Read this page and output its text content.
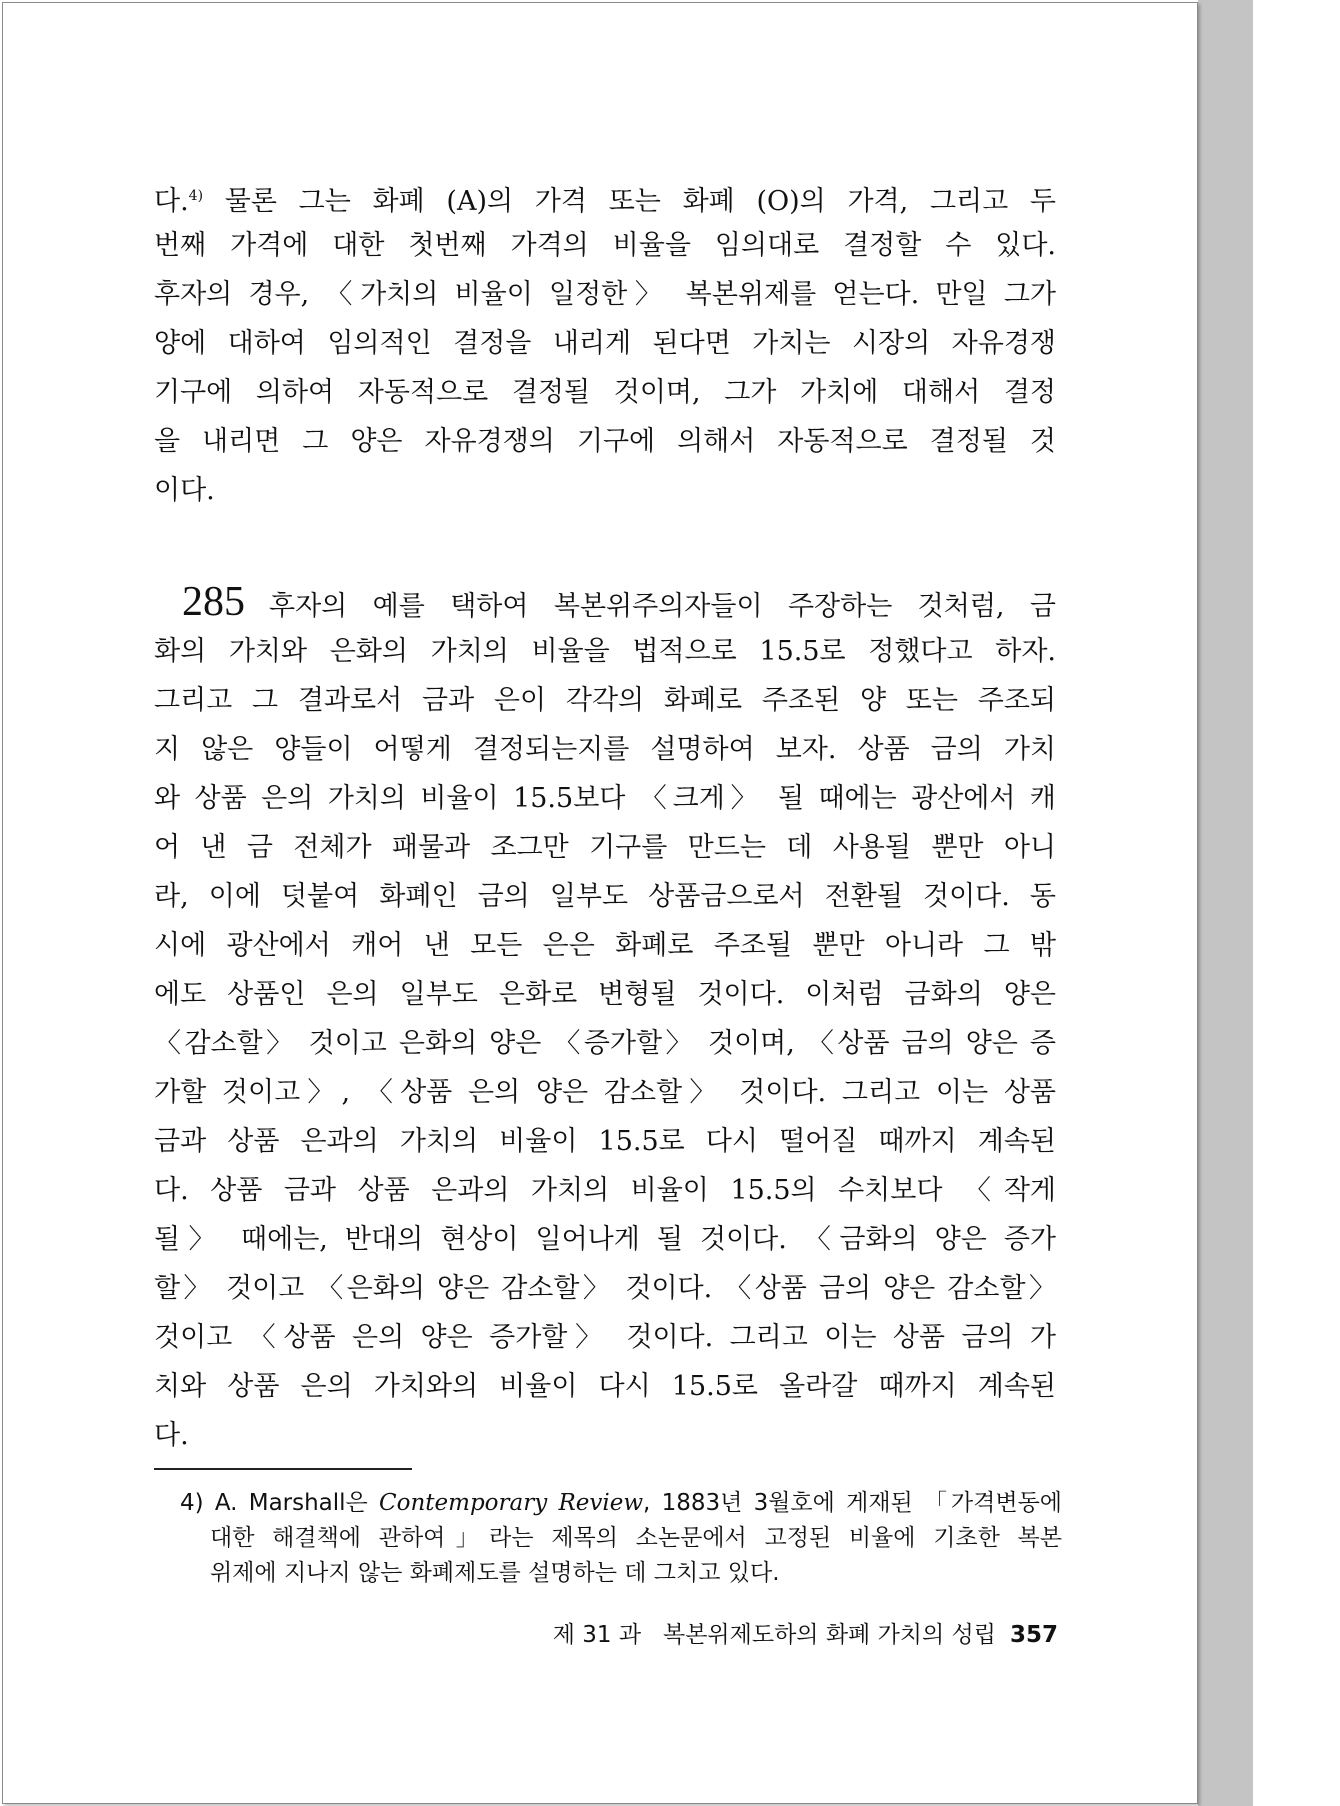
다.$^{4)}$ 물론 그는 화폐 (A)의 가격 또는 화폐 (O)의 가격, 그리고 두
번째 가격에 대한 첫번째 가격의 비율을 임의대로 결정할 수 있다.
후자의 경우, 〈가치의 비율이 일정한〉 복본위제를 얻는다. 만일 그가
양에 대하여 임의적인 결정을 내리게 된다면 가치는 시장의 자유경쟁
기구에 의하여 자동적으로 결정될 것이며, 그가 가치에 대해서 결정
을 내리면 그 양은 자유경쟁의 기구에 의해서 자동적으로 결정될 것
이다.
285 후자의 예를 택하여 복본위주의자들이 주장하는 것처럼, 금
화의 가치와 은화의 가치의 비율을 법적으로 15.5로 정했다고 하자.
그리고 그 결과로서 금과 은이 각각의 화폐로 주조된 양 또는 주조되
지 않은 양들이 어떻게 결정되는지를 설명하여 보자. 상품 금의 가치
와 상품 은의 가치의 비율이 15.5보다 〈크게〉 될 때에는 광산에서 캐
어 낸 금 전체가 패물과 조그만 기구를 만드는 데 사용될 뿐만 아니
라, 이에 덧붙여 화폐인 금의 일부도 상품금으로서 전환될 것이다. 동
시에 광산에서 캐어 낸 모든 은은 화폐로 주조될 뿐만 아니라 그 밖
에도 상품인 은의 일부도 은화로 변형될 것이다. 이처럼 금화의 양은
〈감소할〉 것이고 은화의 양은 〈증가할〉 것이며, 〈상품 금의 양은 증
가할 것이고〉, 〈상품 은의 양은 감소할〉 것이다. 그리고 이는 상품
금과 상품 은과의 가치의 비율이 15.5로 다시 떨어질 때까지 계속된
다. 상품 금과 상품 은과의 가치의 비율이 15.5의 수치보다 〈작게
될〉 때에는, 반대의 현상이 일어나게 될 것이다. 〈금화의 양은 증가
할〉 것이고 〈은화의 양은 감소할〉 것이다. 〈상품 금의 양은 감소할〉
것이고 〈상품 은의 양은 증가할〉 것이다. 그리고 이는 상품 금의 가
치와 상품 은의 가치와의 비율이 다시 15.5로 올라갈 때까지 계속된
다.
4) A. Marshall은 Contemporary Review, 1883년 3월호에 게재된 「가격변동에
대한 해결책에 관하여」라는 제목의 소논문에서 고정된 비율에 기초한 복본
위제에 지나지 않는 화폐제도를 설명하는 데 그치고 있다.
제 31 과   복본위제도하의 화폐 가치의 성립 357
